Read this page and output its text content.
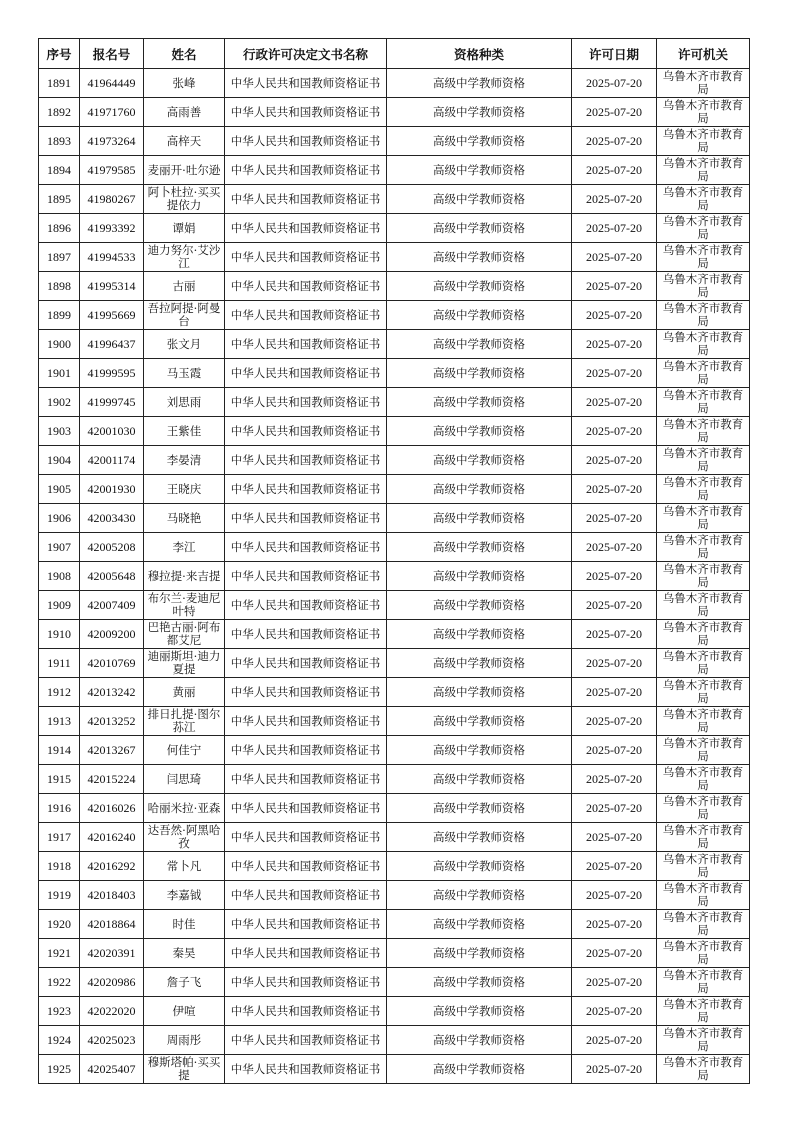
序号	报名号	姓名	行政许可决定文书名称	资格种类	许可日期	许可机关
1891	41964449	张峰	中华人民共和国教师资格证书	高级中学教师资格	2025-07-20	乌鲁木齐市教育局
1892	41971760	高雨善	中华人民共和国教师资格证书	高级中学教师资格	2025-07-20	乌鲁木齐市教育局
1893	41973264	高梓天	中华人民共和国教师资格证书	高级中学教师资格	2025-07-20	乌鲁木齐市教育局
1894	41979585	麦丽开·吐尔逊	中华人民共和国教师资格证书	高级中学教师资格	2025-07-20	乌鲁木齐市教育局
1895	41980267	阿卜杜拉·买买提依力	中华人民共和国教师资格证书	高级中学教师资格	2025-07-20	乌鲁木齐市教育局
1896	41993392	谭娟	中华人民共和国教师资格证书	高级中学教师资格	2025-07-20	乌鲁木齐市教育局
1897	41994533	迪力努尔·艾沙江	中华人民共和国教师资格证书	高级中学教师资格	2025-07-20	乌鲁木齐市教育局
1898	41995314	古丽	中华人民共和国教师资格证书	高级中学教师资格	2025-07-20	乌鲁木齐市教育局
1899	41995669	吾拉阿提·阿曼台	中华人民共和国教师资格证书	高级中学教师资格	2025-07-20	乌鲁木齐市教育局
1900	41996437	张文月	中华人民共和国教师资格证书	高级中学教师资格	2025-07-20	乌鲁木齐市教育局
1901	41999595	马玉霞	中华人民共和国教师资格证书	高级中学教师资格	2025-07-20	乌鲁木齐市教育局
1902	41999745	刘思雨	中华人民共和国教师资格证书	高级中学教师资格	2025-07-20	乌鲁木齐市教育局
1903	42001030	王紫佳	中华人民共和国教师资格证书	高级中学教师资格	2025-07-20	乌鲁木齐市教育局
1904	42001174	李晏清	中华人民共和国教师资格证书	高级中学教师资格	2025-07-20	乌鲁木齐市教育局
1905	42001930	王晓庆	中华人民共和国教师资格证书	高级中学教师资格	2025-07-20	乌鲁木齐市教育局
1906	42003430	马晓艳	中华人民共和国教师资格证书	高级中学教师资格	2025-07-20	乌鲁木齐市教育局
1907	42005208	李江	中华人民共和国教师资格证书	高级中学教师资格	2025-07-20	乌鲁木齐市教育局
1908	42005648	穆拉提·来吉提	中华人民共和国教师资格证书	高级中学教师资格	2025-07-20	乌鲁木齐市教育局
1909	42007409	布尔兰·麦迪尼叶特	中华人民共和国教师资格证书	高级中学教师资格	2025-07-20	乌鲁木齐市教育局
1910	42009200	巴艳古丽·阿布都艾尼	中华人民共和国教师资格证书	高级中学教师资格	2025-07-20	乌鲁木齐市教育局
1911	42010769	迪丽斯坦·迪力夏提	中华人民共和国教师资格证书	高级中学教师资格	2025-07-20	乌鲁木齐市教育局
1912	42013242	黄丽	中华人民共和国教师资格证书	高级中学教师资格	2025-07-20	乌鲁木齐市教育局
1913	42013252	排日扎提·图尔荪江	中华人民共和国教师资格证书	高级中学教师资格	2025-07-20	乌鲁木齐市教育局
1914	42013267	何佳宁	中华人民共和国教师资格证书	高级中学教师资格	2025-07-20	乌鲁木齐市教育局
1915	42015224	闫思琦	中华人民共和国教师资格证书	高级中学教师资格	2025-07-20	乌鲁木齐市教育局
1916	42016026	哈丽米拉·亚森	中华人民共和国教师资格证书	高级中学教师资格	2025-07-20	乌鲁木齐市教育局
1917	42016240	达吾然·阿黑哈孜	中华人民共和国教师资格证书	高级中学教师资格	2025-07-20	乌鲁木齐市教育局
1918	42016292	常卜凡	中华人民共和国教师资格证书	高级中学教师资格	2025-07-20	乌鲁木齐市教育局
1919	42018403	李嘉钺	中华人民共和国教师资格证书	高级中学教师资格	2025-07-20	乌鲁木齐市教育局
1920	42018864	时佳	中华人民共和国教师资格证书	高级中学教师资格	2025-07-20	乌鲁木齐市教育局
1921	42020391	秦昊	中华人民共和国教师资格证书	高级中学教师资格	2025-07-20	乌鲁木齐市教育局
1922	42020986	詹子飞	中华人民共和国教师资格证书	高级中学教师资格	2025-07-20	乌鲁木齐市教育局
1923	42022020	伊喧	中华人民共和国教师资格证书	高级中学教师资格	2025-07-20	乌鲁木齐市教育局
1924	42025023	周雨彤	中华人民共和国教师资格证书	高级中学教师资格	2025-07-20	乌鲁木齐市教育局
1925	42025407	穆斯塔帕·买买提	中华人民共和国教师资格证书	高级中学教师资格	2025-07-20	乌鲁木齐市教育局
